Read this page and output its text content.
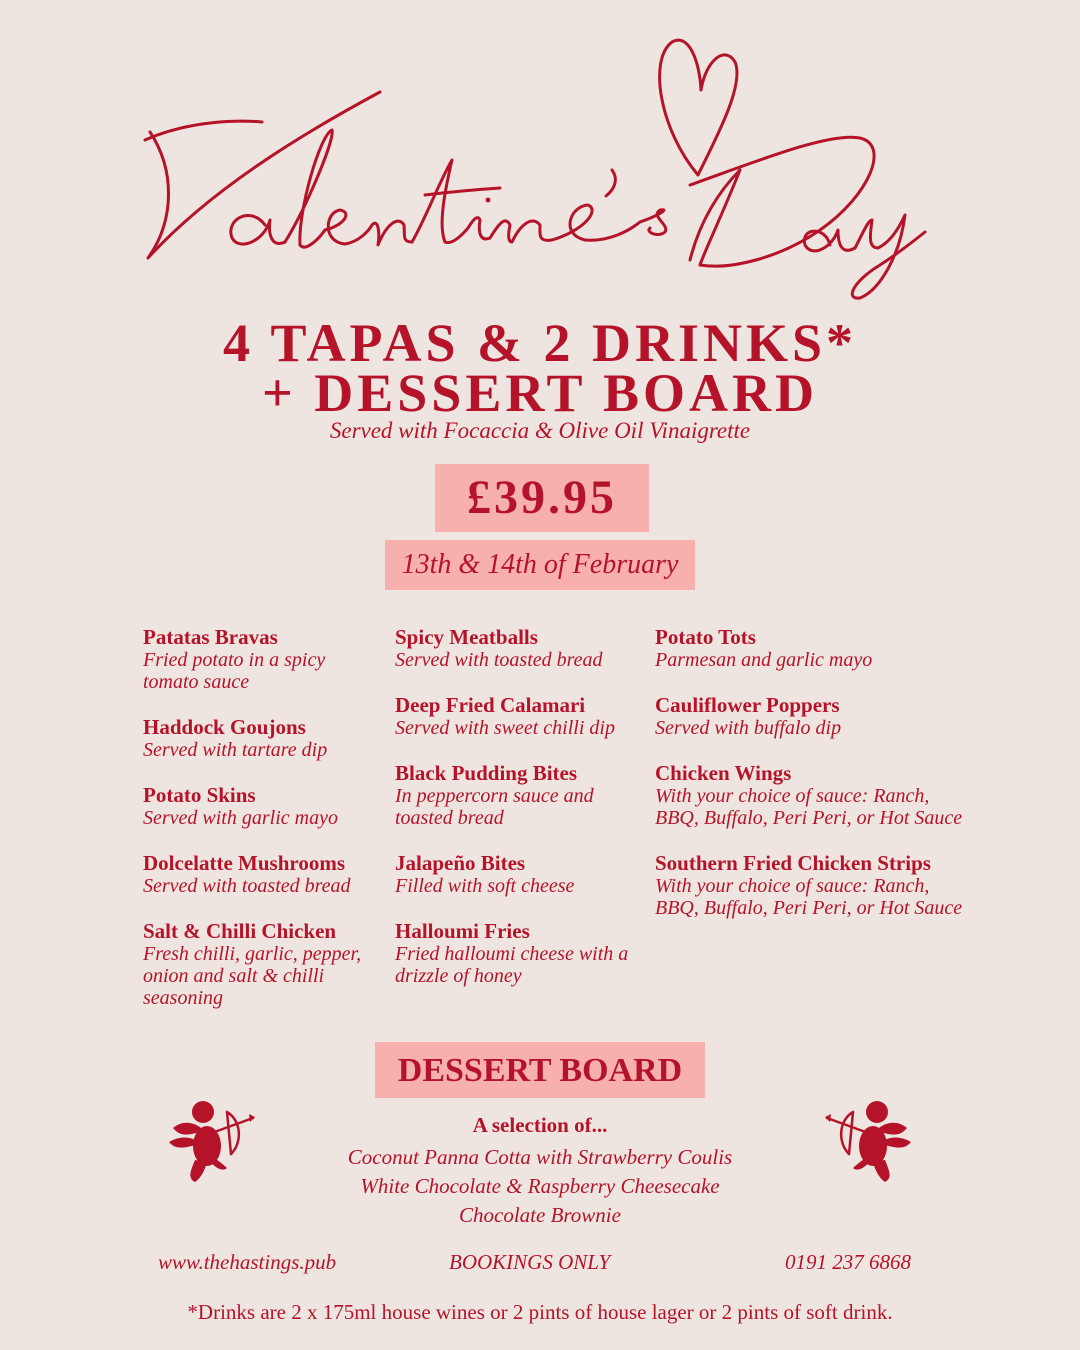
4 TAPAS & 2 DRINKS*
+ DESSERT BOARD
Served with Focaccia & Olive Oil Vinaigrette
£39.95
13th & 14th of February
Patatas Bravas
Fried potato in a spicy tomato sauce
Haddock Goujons
Served with tartare dip
Potato Skins
Served with garlic mayo
Dolcelatte Mushrooms
Served with toasted bread
Salt & Chilli Chicken
Fresh chilli, garlic, pepper, onion and salt & chilli seasoning
Spicy Meatballs
Served with toasted bread
Deep Fried Calamari
Served with sweet chilli dip
Black Pudding Bites
In peppercorn sauce and toasted bread
Jalapeño Bites
Filled with soft cheese
Halloumi Fries
Fried halloumi cheese with a drizzle of honey
Potato Tots
Parmesan and garlic mayo
Cauliflower Poppers
Served with buffalo dip
Chicken Wings
With your choice of sauce: Ranch, BBQ, Buffalo, Peri Peri, or Hot Sauce
Southern Fried Chicken Strips
With your choice of sauce: Ranch, BBQ, Buffalo, Peri Peri, or Hot Sauce
DESSERT BOARD
A selection of...
Coconut Panna Cotta with Strawberry Coulis
White Chocolate & Raspberry Cheesecake
Chocolate Brownie
www.thehastings.pub	BOOKINGS ONLY	0191 237 6868
*Drinks are 2 x 175ml house wines or 2 pints of house lager or 2 pints of soft drink.
